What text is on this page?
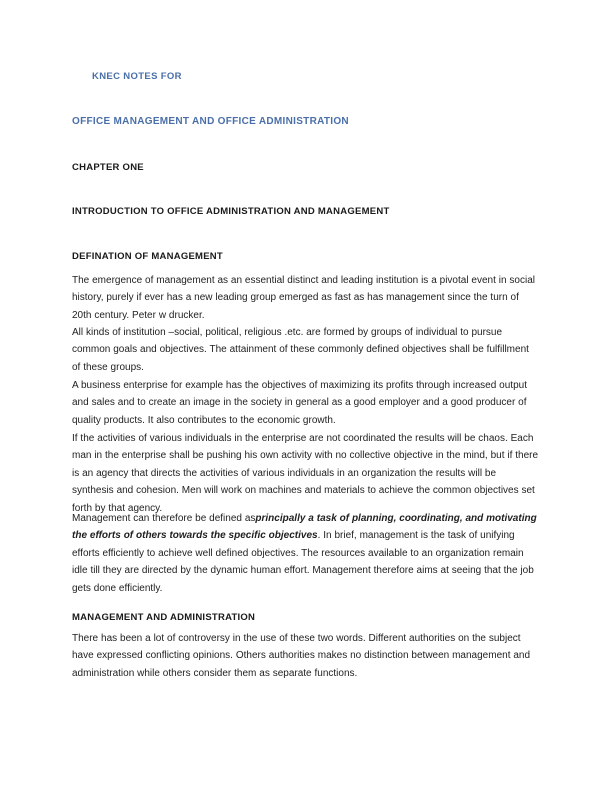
KNEC NOTES FOR
OFFICE MANAGEMENT AND OFFICE ADMINISTRATION
CHAPTER ONE
INTRODUCTION TO OFFICE ADMINISTRATION AND MANAGEMENT
DEFINATION OF MANAGEMENT

The emergence of management as an essential distinct and leading institution is a pivotal event in social history, purely if ever has a new leading group emerged as fast as has management since the turn of 20th century. Peter w drucker.

All kinds of institution –social, political, religious .etc. are formed by groups of individual to pursue common goals and objectives. The attainment of these commonly defined objectives shall be fulfillment of these groups.

A business enterprise for example has the objectives of maximizing its profits through increased output and sales and to create an image in the society in general as a good employer and a good producer of quality products. It also contributes to the economic growth.

If the activities of various individuals in the enterprise are not coordinated the results will be chaos. Each man in the enterprise shall be pushing his own activity with no collective objective in the mind, but if there is an agency that directs the activities of various individuals in an organization the results will be synthesis and cohesion. Men will work on machines and materials to achieve the common objectives set forth by that agency.

Management can therefore be defined asprincipally a task of planning, coordinating, and motivating the efforts of others towards the specific objectives. In brief, management is the task of unifying efforts efficiently to achieve well defined objectives. The resources available to an organization remain idle till they are directed by the dynamic human effort. Management therefore aims at seeing that the job gets done efficiently.

MANAGEMENT AND ADMINISTRATION

There has been a lot of controversy in the use of these two words. Different authorities on the subject have expressed conflicting opinions. Others authorities makes no distinction between management and administration while others consider them as separate functions.
